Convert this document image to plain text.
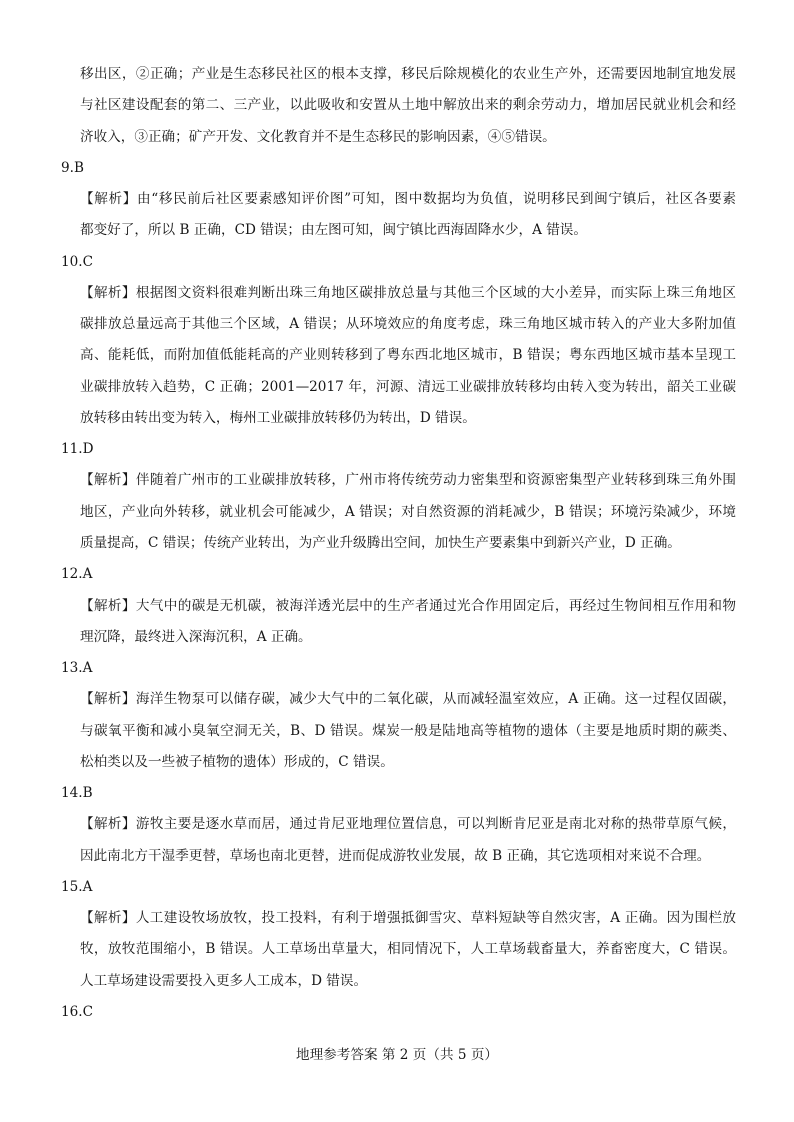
移出区，②正确；产业是生态移民社区的根本支撑，移民后除规模化的农业生产外，还需要因地制宜地发展
与社区建设配套的第二、三产业，以此吸收和安置从土地中解放出来的剩余劳动力，增加居民就业机会和经
济收入，③正确；矿产开发、文化教育并不是生态移民的影响因素，④⑤错误。
9.B
【解析】由“移民前后社区要素感知评价图”可知，图中数据均为负值，说明移民到闽宁镇后，社区各要素
都变好了，所以 B 正确，CD 错误；由左图可知，闽宁镇比西海固降水少，A 错误。
10.C
【解析】根据图文资料很难判断出珠三角地区碳排放总量与其他三个区域的大小差异，而实际上珠三角地区
碳排放总量远高于其他三个区域，A 错误；从环境效应的角度考虑，珠三角地区城市转入的产业大多附加值
高、能耗低，而附加值低能耗高的产业则转移到了粤东西北地区城市，B 错误；粤东西地区城市基本呈现工
业碳排放转入趋势，C 正确；2001—2017 年，河源、清远工业碳排放转移均由转入变为转出，韶关工业碳
放转移由转出变为转入，梅州工业碳排放转移仍为转出，D 错误。
11.D
【解析】伴随着广州市的工业碳排放转移，广州市将传统劳动力密集型和资源密集型产业转移到珠三角外围
地区，产业向外转移，就业机会可能减少，A 错误；对自然资源的消耗减少，B 错误；环境污染减少，环境
质量提高，C 错误；传统产业转出，为产业升级腾出空间，加快生产要素集中到新兴产业，D 正确。
12.A
【解析】大气中的碳是无机碳，被海洋透光层中的生产者通过光合作用固定后，再经过生物间相互作用和物
理沉降，最终进入深海沉积，A 正确。
13.A
【解析】海洋生物泵可以储存碳，减少大气中的二氧化碳，从而减轻温室效应，A 正确。这一过程仅固碳，
与碳氧平衡和减小臭氧空洞无关，B、D 错误。煤炭一般是陆地高等植物的遗体（主要是地质时期的蕨类、
松柏类以及一些被子植物的遗体）形成的，C 错误。
14.B
【解析】游牧主要是逐水草而居，通过肯尼亚地理位置信息，可以判断肯尼亚是南北对称的热带草原气候，
因此南北方干湿季更替，草场也南北更替，进而促成游牧业发展，故 B 正确，其它选项相对来说不合理。
15.A
【解析】人工建设牧场放牧，投工投料，有利于增强抵御雪灾、草料短缺等自然灾害，A 正确。因为围栏放
牧，放牧范围缩小，B 错误。人工草场出草量大，相同情况下，人工草场载畜量大，养畜密度大，C 错误。
人工草场建设需要投入更多人工成本，D 错误。
16.C
地理参考答案 第 2 页（共 5 页）
